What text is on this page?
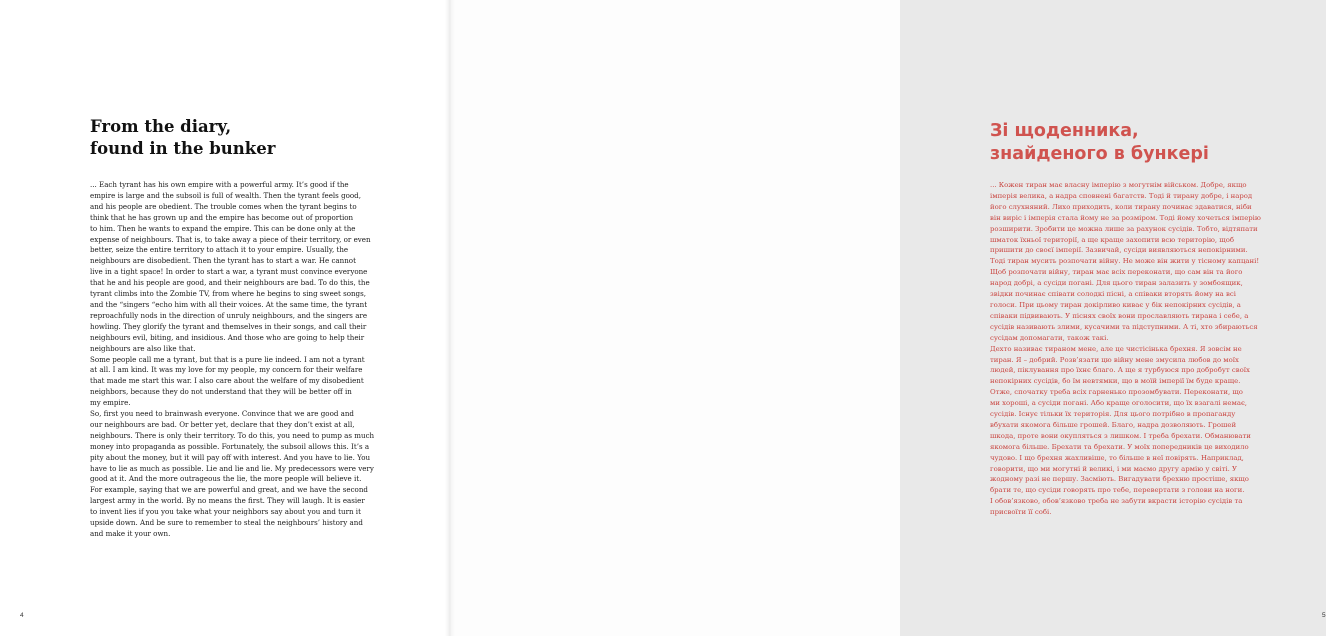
From the diary,
found in the bunker
... Each tyrant has his own empire with a powerful army. It’s good if the
empire is large and the subsoil is full of wealth. Then the tyrant feels good,
and his people are obedient. The trouble comes when the tyrant begins to
think that he has grown up and the empire has become out of proportion
to him. Then he wants to expand the empire. This can be done only at the
expense of neighbours. That is, to take away a piece of their territory, or even
better, seize the entire territory to attach it to your empire. Usually, the
neighbours are disobedient. Then the tyrant has to start a war. He cannot
live in a tight space! In order to start a war, a tyrant must convince everyone
that he and his people are good, and their neighbours are bad. To do this, the
tyrant climbs into the Zombie TV, from where he begins to sing sweet songs,
and the “singers “echo him with all their voices. At the same time, the tyrant
reproachfully nods in the direction of unruly neighbours, and the singers are
howling. They glorify the tyrant and themselves in their songs, and call their
neighbours evil, biting, and insidious. And those who are going to help their
neighbours are also like that.
Some people call me a tyrant, but that is a pure lie indeed. I am not a tyrant
at all. I am kind. It was my love for my people, my concern for their welfare
that made me start this war. I also care about the welfare of my disobedient
neighbors, because they do not understand that they will be better off in
my empire.
So, first you need to brainwash everyone. Convince that we are good and
our neighbours are bad. Or better yet, declare that they don’t exist at all,
neighbours. There is only their territory. To do this, you need to pump as much
money into propaganda as possible. Fortunately, the subsoil allows this. It’s a
pity about the money, but it will pay off with interest. And you have to lie. You
have to lie as much as possible. Lie and lie and lie. My predecessors were very
good at it. And the more outrageous the lie, the more people will believe it.
For example, saying that we are powerful and great, and we have the second
largest army in the world. By no means the first. They will laugh. It is easier
to invent lies if you you take what your neighbors say about you and turn it
upside down. And be sure to remember to steal the neighbours’ history and
and make it your own.
4
Зі щоденника,
знайденого в бункері
... Кожен тиран має власну імперію з могутнім військом. Добре, якщо
імперія велика, а надра сповнені багатств. Тоді й тирану добре, і народ
його слухняний. Лихо приходить, коли тирану починає здаватися, ніби
він виріс і імперія стала йому не за розміром. Тоді йому хочеться імперію
розширити. Зробити це можна лише за рахунок сусідів. Тобто, відтяпати
шматок їхньої території, а ще краще захопити всю територію, щоб
пришити до своєї імперії. Зазвичай, сусіди виявляються непокірними.
Тоді тиран мусить розпочати війну. Не може він жити у тісному капцані!
Щоб розпочати війну, тиран має всіх переконати, що сам він та його
народ добрі, а сусіди погані. Для цього тиран залазить у зомбоящик,
звідки починає співати солодкі пісні, а співаки вторять йому на всі
голоси. При цьому тиран докірливо киває у бік непокірних сусідів, а
співаки підвивають. У піснях своїх вони прославляють тирана і себе, а
сусідів називають злими, кусачими та підступними. А ті, хто збираються
сусідам допомагати, також такі.
Дехто називає тираном мене, але це чистісінька брехня. Я зовсім не
тиран. Я – добрий. Розв’язати цю війну мене змусила любов до моїх
людей, піклування про їхнє благо. А ще я турбуюся про добробут своїх
непокірних сусідів, бо їм невтямки, що в моїй імперії їм буде краще.
Отже, спочатку треба всіх гарненько прозомбувати. Переконати, що
ми хороші, а сусіди погані. Або краще оголосити, що їх взагалі немає,
сусідів. Існує тільки їх територія. Для цього потрібно в пропаганду
вбухати якомога більше грошей. Благо, надра дозволяють. Грошей
шкода, проте вони окупляться з лишком. І треба брехати. Обманювати
якомога більше. Брехати та брехати. У моїх попередників це виходило
чудово. І що брехня жахливіше, то більше в неї повірять. Наприклад,
говорити, що ми могутні й великі, і ми маємо другу армію у світі. У
жодному разі не першу. Засміють. Вигадувати брехню простіше, якщо
брати те, що сусіди говорять про тебе, перевертати з голови на ноги.
І обов’язково, обов’язково треба не забути вкрасти історію сусідів та
присвоїти її собі.
5
